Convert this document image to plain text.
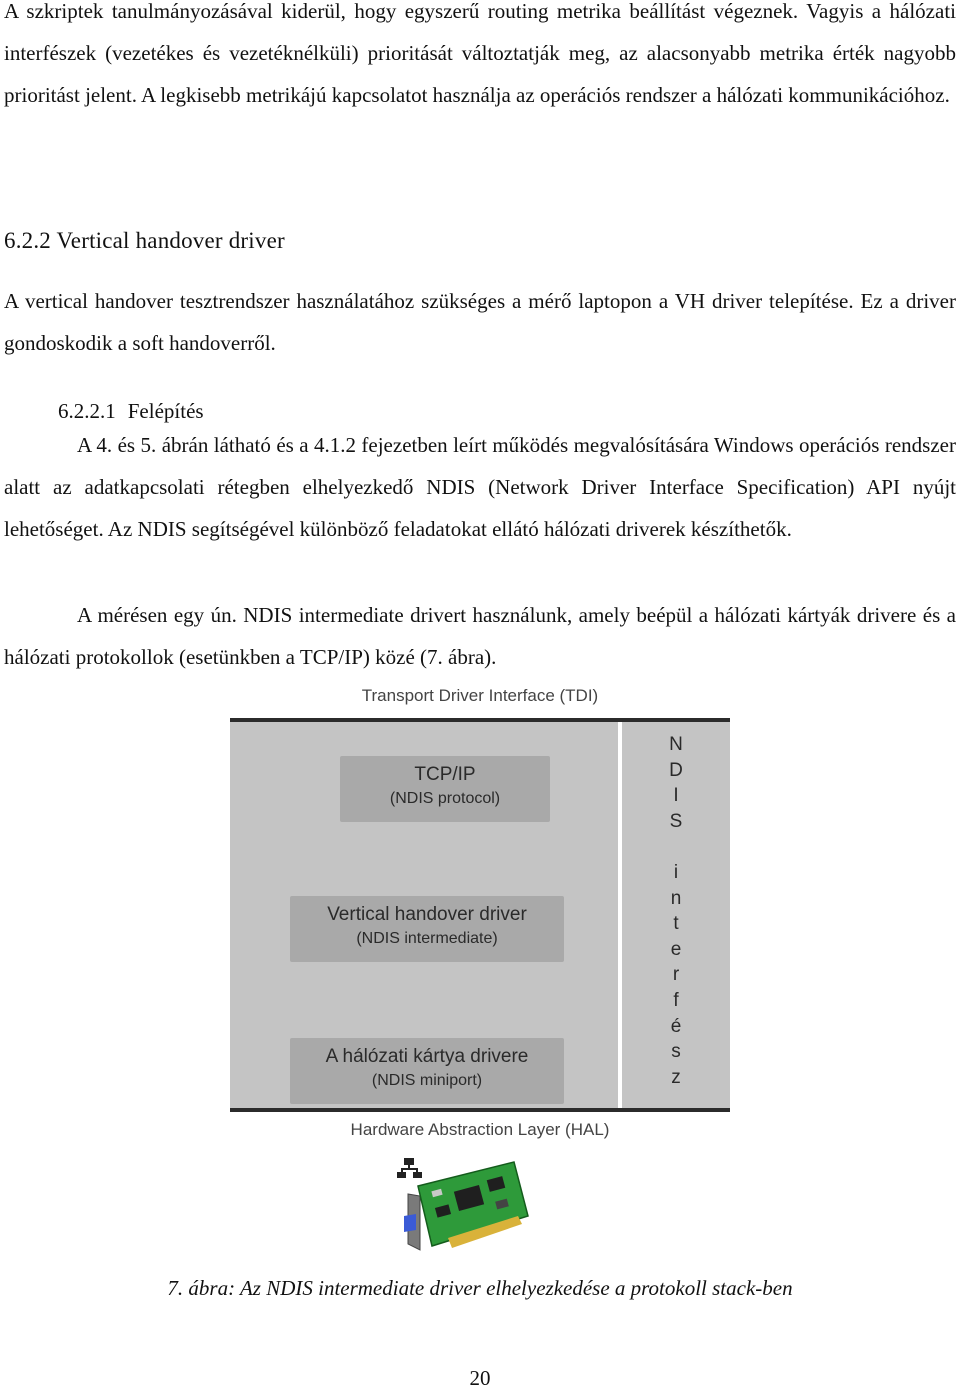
A szkriptek tanulmányozásával kiderül, hogy egyszerű routing metrika beállítást végeznek. Vagyis a hálózati interfészek (vezetékes és vezetéknélküli) prioritását változtatják meg, az alacsonyabb metrika érték nagyobb prioritást jelent. A legkisebb metrikájú kapcsolatot használja az operációs rendszer a hálózati kommunikációhoz.

6.2.2 Vertical handover driver

A vertical handover tesztrendszer használatához szükséges a mérő laptopon a VH driver telepítése. Ez a driver gondoskodik a soft handoverről.

6.2.2.1 Felépítés

A 4. és 5. ábrán látható és a 4.1.2 fejezetben leírt működés megvalósítására Windows operációs rendszer alatt az adatkapcsolati rétegben elhelyezkedő NDIS (Network Driver Interface Specification) API nyújt lehetőséget. Az NDIS segítségével különböző feladatokat ellátó hálózati driverek készíthetők.

A mérésen egy ún. NDIS intermediate drivert használunk, amely beépül a hálózati kártyák drivere és a hálózati protokollok (esetünkben a TCP/IP) közé (7. ábra).

Transport Driver Interface (TDI)
TCP/IP
(NDIS protocol)
Vertical handover driver
(NDIS intermediate)
A hálózati kártya drivere
(NDIS miniport)
N
D
I
S

i
n
t
e
r
f
é
s
z
Hardware Abstraction Layer (HAL)
7. ábra: Az NDIS intermediate driver elhelyezkedése a protokoll stack-ben
20
